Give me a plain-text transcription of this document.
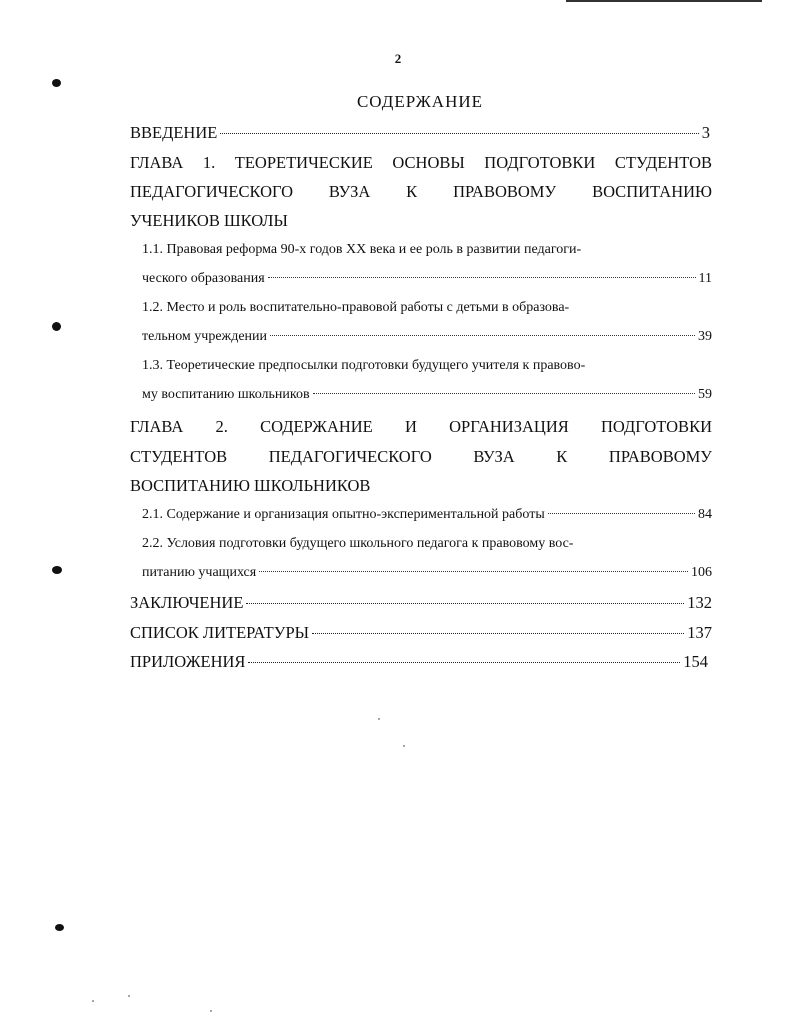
2
СОДЕРЖАНИЕ
ВВЕДЕНИЕ	3
ГЛАВА 1. ТЕОРЕТИЧЕСКИЕ ОСНОВЫ ПОДГОТОВКИ СТУДЕНТОВ
ПЕДАГОГИЧЕСКОГО ВУЗА К ПРАВОВОМУ ВОСПИТАНИЮ
УЧЕНИКОВ ШКОЛЫ
1.1. Правовая реформа 90-х годов XX века и ее роль в развитии педагоги-
ческого образования	11
1.2. Место и роль воспитательно-правовой работы с детьми в образова-
тельном учреждении	39
1.3. Теоретические предпосылки подготовки будущего учителя к правово-
му воспитанию школьников	59
ГЛАВА 2. СОДЕРЖАНИЕ И ОРГАНИЗАЦИЯ ПОДГОТОВКИ
СТУДЕНТОВ ПЕДАГОГИЧЕСКОГО ВУЗА К ПРАВОВОМУ
ВОСПИТАНИЮ ШКОЛЬНИКОВ
2.1. Содержание и организация опытно-экспериментальной работы	84
2.2. Условия подготовки будущего школьного педагога к правовому вос-
питанию учащихся	106
ЗАКЛЮЧЕНИЕ	132
СПИСОК ЛИТЕРАТУРЫ	137
ПРИЛОЖЕНИЯ	154
